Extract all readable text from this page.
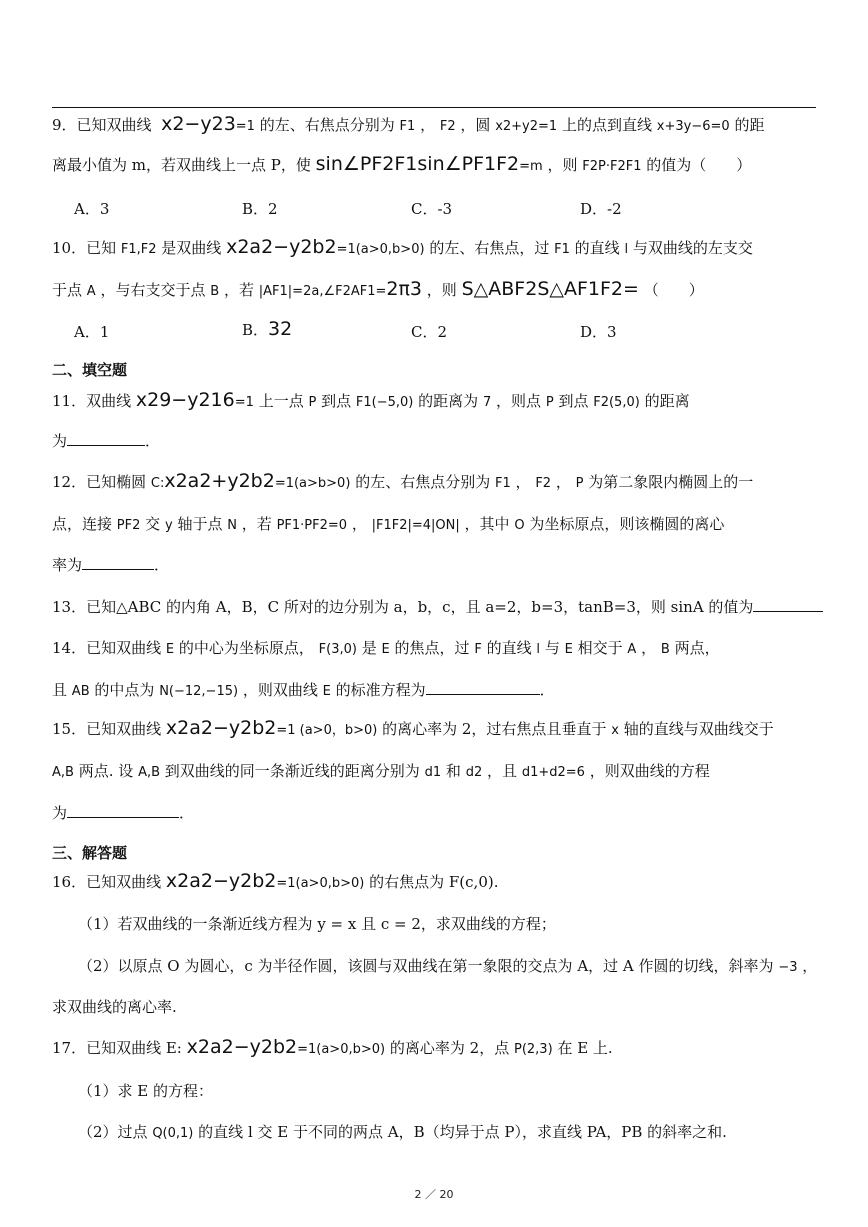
9．已知双曲线 x2−y23=1 的左、右焦点分别为 F1 ， F2 ，圆 x2+y2=1 上的点到直线 x+3y−6=0 的距
离最小值为 m，若双曲线上一点 P，使 sin∠PF2F1sin∠PF1F2=m ，则 F2P·F2F1 的值为（　　）
A．3	B．2	C．-3	D．-2
10．已知 F1,F2 是双曲线 x2a2−y2b2=1(a>0,b>0) 的左、右焦点，过 F1 的直线 l 与双曲线的左支交
于点 A ，与右支交于点 B ，若 |AF1|=2a,∠F2AF1=2π3 ，则 S△ABF2S△AF1F2= （　　）
A．1	B．32	C．2	D．3
二、填空题
11．双曲线 x29−y216=1 上一点 P 到点 F1(−5,0) 的距离为 7 ，则点 P 到点 F2(5,0) 的距离
为	．
12．已知椭圆 C:x2a2+y2b2=1(a>b>0) 的左、右焦点分别为 F1 ， F2 ， P 为第二象限内椭圆上的一
点，连接 PF2 交 y 轴于点 N ，若 PF1·PF2=0 ， |F1F2|=4|ON| ，其中 O 为坐标原点，则该椭圆的离心
率为	．
13．已知△ABC 的内角 A，B，C 所对的边分别为 a，b，c，且 a=2，b=3，tanB=3，则 sinA 的值为
14．已知双曲线 E 的中心为坐标原点， F(3,0) 是 E 的焦点，过 F 的直线 l 与 E 相交于 A ， B 两点，
且 AB 的中点为 N(−12,−15) ，则双曲线 E 的标准方程为	．
15．已知双曲线 x2a2−y2b2=1 (a>0，b>0) 的离心率为 2，过右焦点且垂直于 x 轴的直线与双曲线交于
A,B 两点. 设 A,B 到双曲线的同一条渐近线的距离分别为 d1 和 d2 ，且 d1+d2=6 ，则双曲线的方程
为	．
三、解答题
16．已知双曲线 x2a2−y2b2=1(a>0,b>0) 的右焦点为 F(c,0).
（1）若双曲线的一条渐近线方程为 y = x 且 c = 2，求双曲线的方程；
（2）以原点 O 为圆心，c 为半径作圆，该圆与双曲线在第一象限的交点为 A，过 A 作圆的切线，斜率为 −3 ，
求双曲线的离心率.
17．已知双曲线 E: x2a2−y2b2=1(a>0,b>0) 的离心率为 2，点 P(2,3) 在 E 上.
（1）求 E 的方程：
（2）过点 Q(0,1) 的直线 l 交 E 于不同的两点 A，B（均异于点 P），求直线 PA，PB 的斜率之和.
2 ／ 20
